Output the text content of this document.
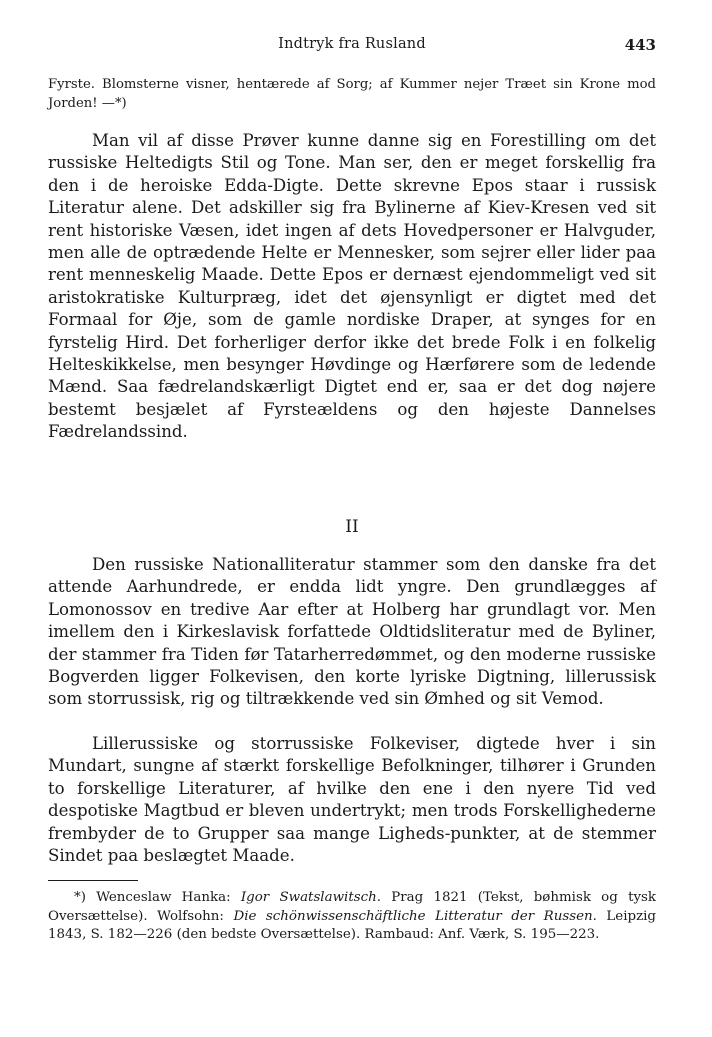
Indtryk fra Rusland	443
Fyrste. Blomsterne visner, hentærede af Sorg; af Kummer nejer Træet sin Krone mod Jorden! —*)

Man vil af disse Prøver kunne danne sig en Forestilling om det russiske Heltedigts Stil og Tone. Man ser, den er meget forskellig fra den i de heroiske Edda-Digte. Dette skrevne Epos staar i russisk Literatur alene. Det adskiller sig fra Bylinerne af Kiev-Kresen ved sit rent historiske Væsen, idet ingen af dets Hovedpersoner er Halvguder, men alle de optrædende Helte er Mennesker, som sejrer eller lider paa rent menneskelig Maade. Dette Epos er dernæst ejendommeligt ved sit aristokratiske Kulturpræg, idet det øjensynligt er digtet med det Formaal for Øje, som de gamle nordiske Draper, at synges for en fyrstelig Hird. Det forherliger derfor ikke det brede Folk i en folkelig Helteskikkelse, men besynger Høvdinge og Hærførere som de ledende Mænd. Saa fædrelandskærligt Digtet end er, saa er det dog nøjere bestemt besjælet af Fyrsteældens og den højeste Dannelses Fædrelandssind.

II

Den russiske Nationalliteratur stammer som den danske fra det attende Aarhundrede, er endda lidt yngre. Den grundlægges af Lomonossov en tredive Aar efter at Holberg har grundlagt vor. Men imellem den i Kirkeslavisk forfattede Oldtidsliteratur med de Byliner, der stammer fra Tiden før Tatarherredømmet, og den moderne russiske Bogverden ligger Folkevisen, den korte lyriske Digtning, lillerussisk som storrussisk, rig og tiltrækkende ved sin Ømhed og sit Vemod.

Lillerussiske og storrussiske Folkeviser, digtede hver i sin Mundart, sungne af stærkt forskellige Befolkninger, tilhører i Grunden to forskellige Literaturer, af hvilke den ene i den nyere Tid ved despotiske Magtbud er bleven undertrykt; men trods Forskellighederne frembyder de to Grupper saa mange Ligheds-punkter, at de stemmer Sindet paa beslægtet Maade.

*) Wenceslaw Hanka: Igor Swatslawitsch. Prag 1821 (Tekst, bøhmisk og tysk Oversættelse). Wolfsohn: Die schönwissenschäftliche Litteratur der Russen. Leipzig 1843, S. 182—226 (den bedste Oversættelse). Rambaud: Anf. Værk, S. 195—223.
